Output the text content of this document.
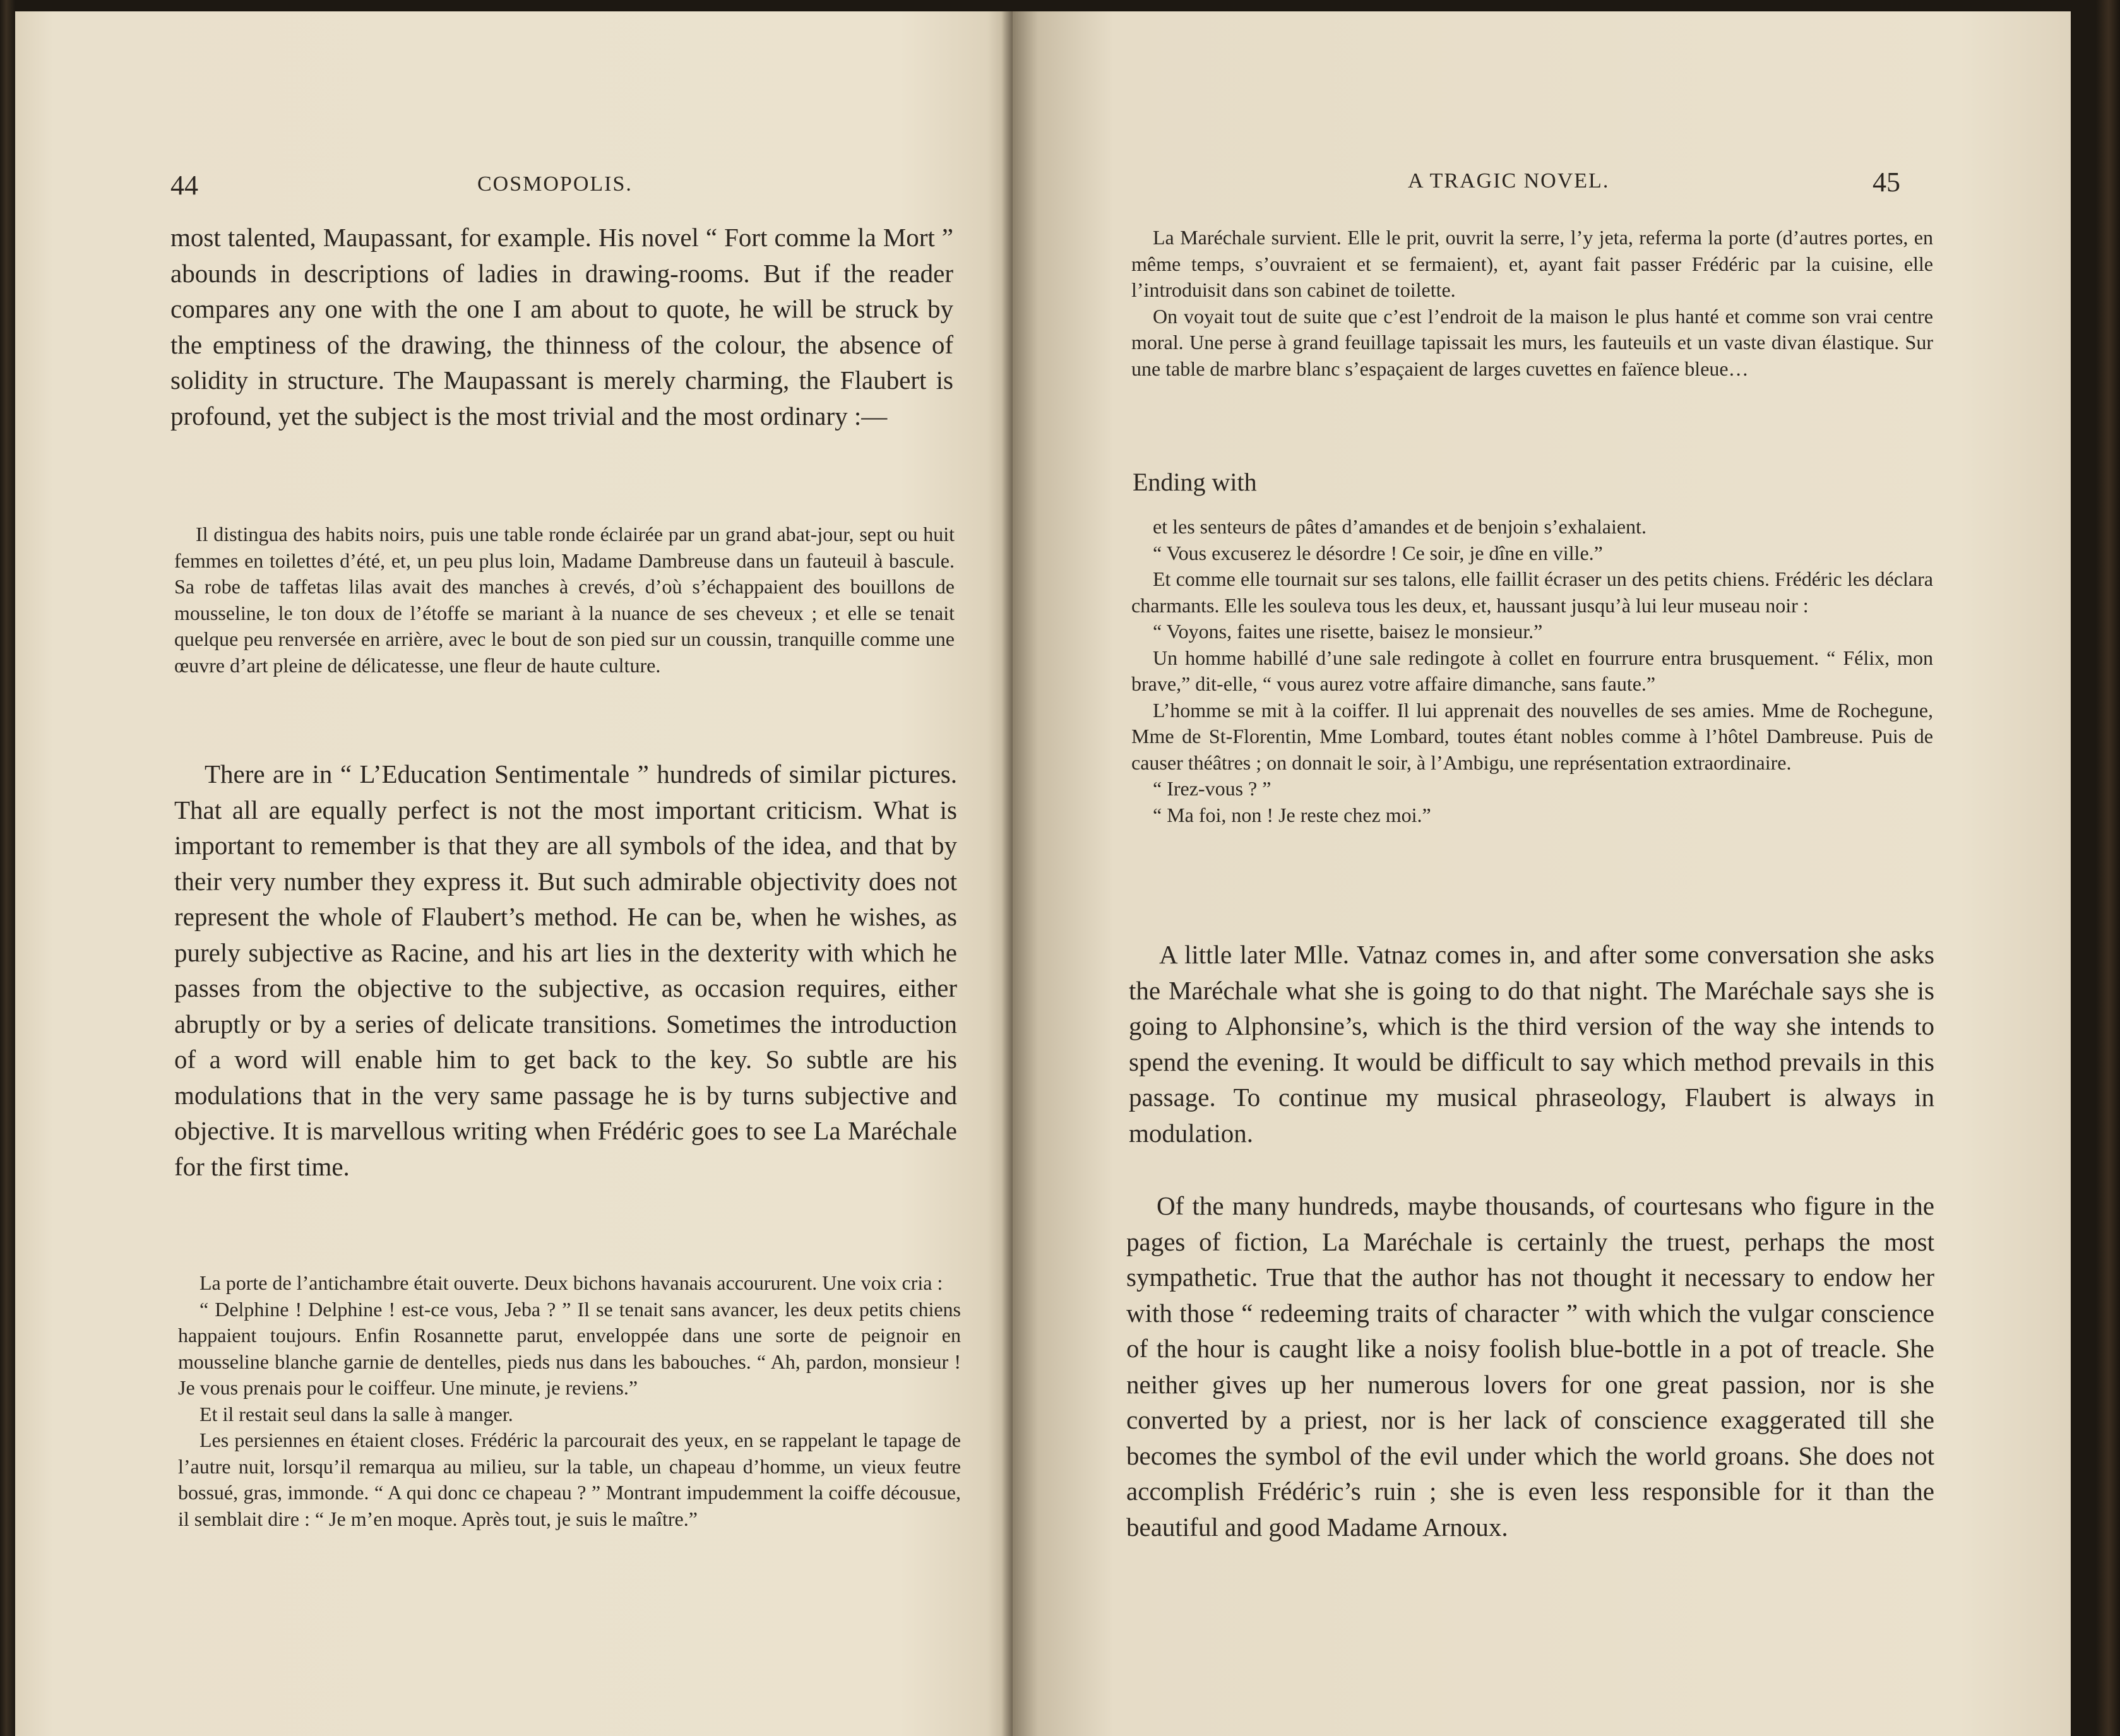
44	COSMOPOLIS.

most talented, Maupassant, for example. His novel “ Fort comme la Mort ” abounds in descriptions of ladies in drawing-rooms. But if the reader compares any one with the one I am about to quote, he will be struck by the emptiness of the drawing, the thinness of the colour, the absence of solidity in structure. The Maupassant is merely charming, the Flaubert is profound, yet the subject is the most trivial and the most ordinary :—

Il distingua des habits noirs, puis une table ronde éclairée par un grand abat-jour, sept ou huit femmes en toilettes d’été, et, un peu plus loin, Madame Dambreuse dans un fauteuil à bascule. Sa robe de taffetas lilas avait des manches à crevés, d’où s’échappaient des bouillons de mousseline, le ton doux de l’étoffe se mariant à la nuance de ses cheveux ; et elle se tenait quelque peu renversée en arrière, avec le bout de son pied sur un coussin, tranquille comme une œuvre d’art pleine de délicatesse, une fleur de haute culture.

There are in “ L’Education Sentimentale ” hundreds of similar pictures. That all are equally perfect is not the most important criticism. What is important to remember is that they are all symbols of the idea, and that by their very number they express it. But such admirable objectivity does not represent the whole of Flaubert’s method. He can be, when he wishes, as purely subjective as Racine, and his art lies in the dexterity with which he passes from the objective to the subjective, as occasion requires, either abruptly or by a series of delicate transitions. Sometimes the introduction of a word will enable him to get back to the key. So subtle are his modulations that in the very same passage he is by turns subjective and objective. It is marvellous writing when Frédéric goes to see La Maréchale for the first time.

La porte de l’antichambre était ouverte. Deux bichons havanais accoururent. Une voix cria :

“ Delphine ! Delphine ! est-ce vous, Jeba ? ” Il se tenait sans avancer, les deux petits chiens happaient toujours. Enfin Rosannette parut, enveloppée dans une sorte de peignoir en mousseline blanche garnie de dentelles, pieds nus dans les babouches. “ Ah, pardon, monsieur ! Je vous prenais pour le coiffeur. Une minute, je reviens.”

Et il restait seul dans la salle à manger.

Les persiennes en étaient closes. Frédéric la parcourait des yeux, en se rappelant le tapage de l’autre nuit, lorsqu’il remarqua au milieu, sur la table, un chapeau d’homme, un vieux feutre bossué, gras, immonde. “ A qui donc ce chapeau ? ” Montrant impudemment la coiffe décousue, il semblait dire : “ Je m’en moque. Après tout, je suis le maître.”

A TRAGIC NOVEL.	45

La Maréchale survient. Elle le prit, ouvrit la serre, l’y jeta, referma la porte (d’autres portes, en même temps, s’ouvraient et se fermaient), et, ayant fait passer Frédéric par la cuisine, elle l’introduisit dans son cabinet de toilette.

On voyait tout de suite que c’est l’endroit de la maison le plus hanté et comme son vrai centre moral. Une perse à grand feuillage tapissait les murs, les fauteuils et un vaste divan élastique. Sur une table de marbre blanc s’espaçaient de larges cuvettes en faïence bleue…

Ending with

et les senteurs de pâtes d’amandes et de benjoin s’exhalaient.

“ Vous excuserez le désordre ! Ce soir, je dîne en ville.”

Et comme elle tournait sur ses talons, elle faillit écraser un des petits chiens. Frédéric les déclara charmants. Elle les souleva tous les deux, et, haussant jusqu’à lui leur museau noir :

“ Voyons, faites une risette, baisez le monsieur.”

Un homme habillé d’une sale redingote à collet en fourrure entra brusquement. “ Félix, mon brave,” dit-elle, “ vous aurez votre affaire dimanche, sans faute.”

L’homme se mit à la coiffer. Il lui apprenait des nouvelles de ses amies. Mme de Rochegune, Mme de St-Florentin, Mme Lombard, toutes étant nobles comme à l’hôtel Dambreuse. Puis de causer théâtres ; on donnait le soir, à l’Ambigu, une représentation extraordinaire.

“ Irez-vous ? ”

“ Ma foi, non ! Je reste chez moi.”

A little later Mlle. Vatnaz comes in, and after some conversation she asks the Maréchale what she is going to do that night. The Maréchale says she is going to Alphonsine’s, which is the third version of the way she intends to spend the evening. It would be difficult to say which method prevails in this passage. To continue my musical phraseology, Flaubert is always in modulation.

Of the many hundreds, maybe thousands, of courtesans who figure in the pages of fiction, La Maréchale is certainly the truest, perhaps the most sympathetic. True that the author has not thought it necessary to endow her with those “ redeeming traits of character ” with which the vulgar conscience of the hour is caught like a noisy foolish blue-bottle in a pot of treacle. She neither gives up her numerous lovers for one great passion, nor is she converted by a priest, nor is her lack of conscience exaggerated till she becomes the symbol of the evil under which the world groans. She does not accomplish Frédéric’s ruin ; she is even less responsible for it than the beautiful and good Madame Arnoux.
